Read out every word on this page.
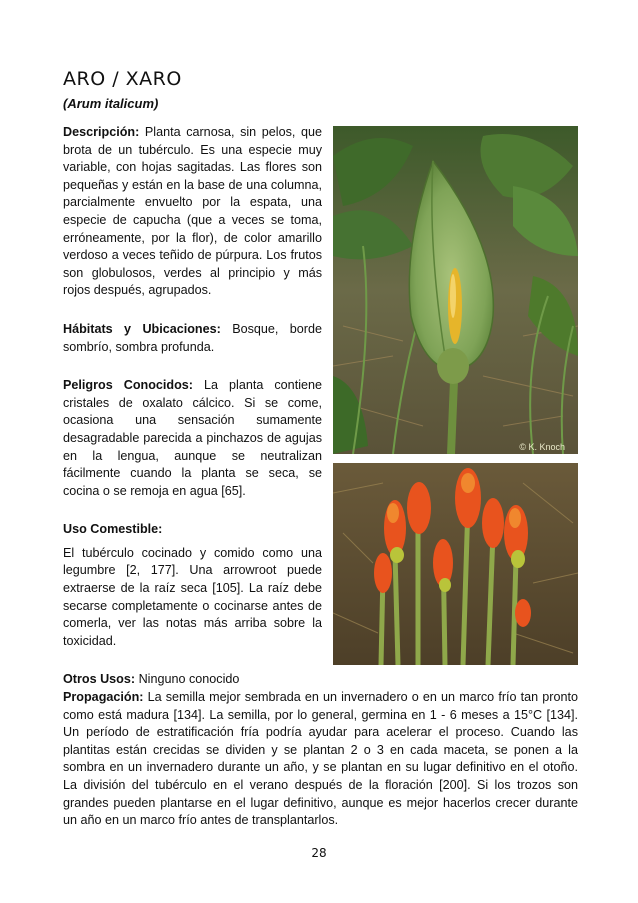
ARO / XARO
(Arum italicum)

Descripción: Planta carnosa, sin pelos, que brota de un tubérculo. Es una especie muy variable, con hojas sagitadas. Las flores son pequeñas y están en la base de una columna, parcialmente envuelto por la espata, una especie de capucha (que a veces se toma, erróneamente, por la flor), de color amarillo verdoso a veces teñido de púrpura. Los frutos son globulosos, verdes al principio y más rojos después, agrupados.

Hábitats y Ubicaciones: Bosque, borde sombrío, sombra profunda.

Peligros Conocidos: La planta contiene cristales de oxalato cálcico. Si se come, ocasiona una sensación sumamente desagradable parecida a pinchazos de agujas en la lengua, aunque se neutralizan fácilmente cuando la planta se seca, se cocina o se remoja en agua [65].

Uso Comestible:

El tubérculo cocinado y comido como una legumbre [2, 177]. Una arrowroot puede extraerse de la raíz seca [105]. La raíz debe secarse completamente o cocinarse antes de comerla, ver las notas más arriba sobre la toxicidad.

Otros Usos: Ninguno conocido

© K. Knoch
Propagación: La semilla mejor sembrada en un invernadero o en un marco frío tan pronto como está madura [134]. La semilla, por lo general, germina en 1 - 6 meses a 15°C [134]. Un período de estratificación fría podría ayudar para acelerar el proceso. Cuando las plantitas están crecidas se dividen y se plantan 2 o 3 en cada maceta, se ponen a la sombra en un invernadero durante un año, y se plantan en su lugar definitivo en el otoño. La división del tubérculo en el verano después de la floración [200]. Si los trozos son grandes pueden plantarse en el lugar definitivo, aunque es mejor hacerlos crecer durante un año en un marco frío antes de transplantarlos.
28
